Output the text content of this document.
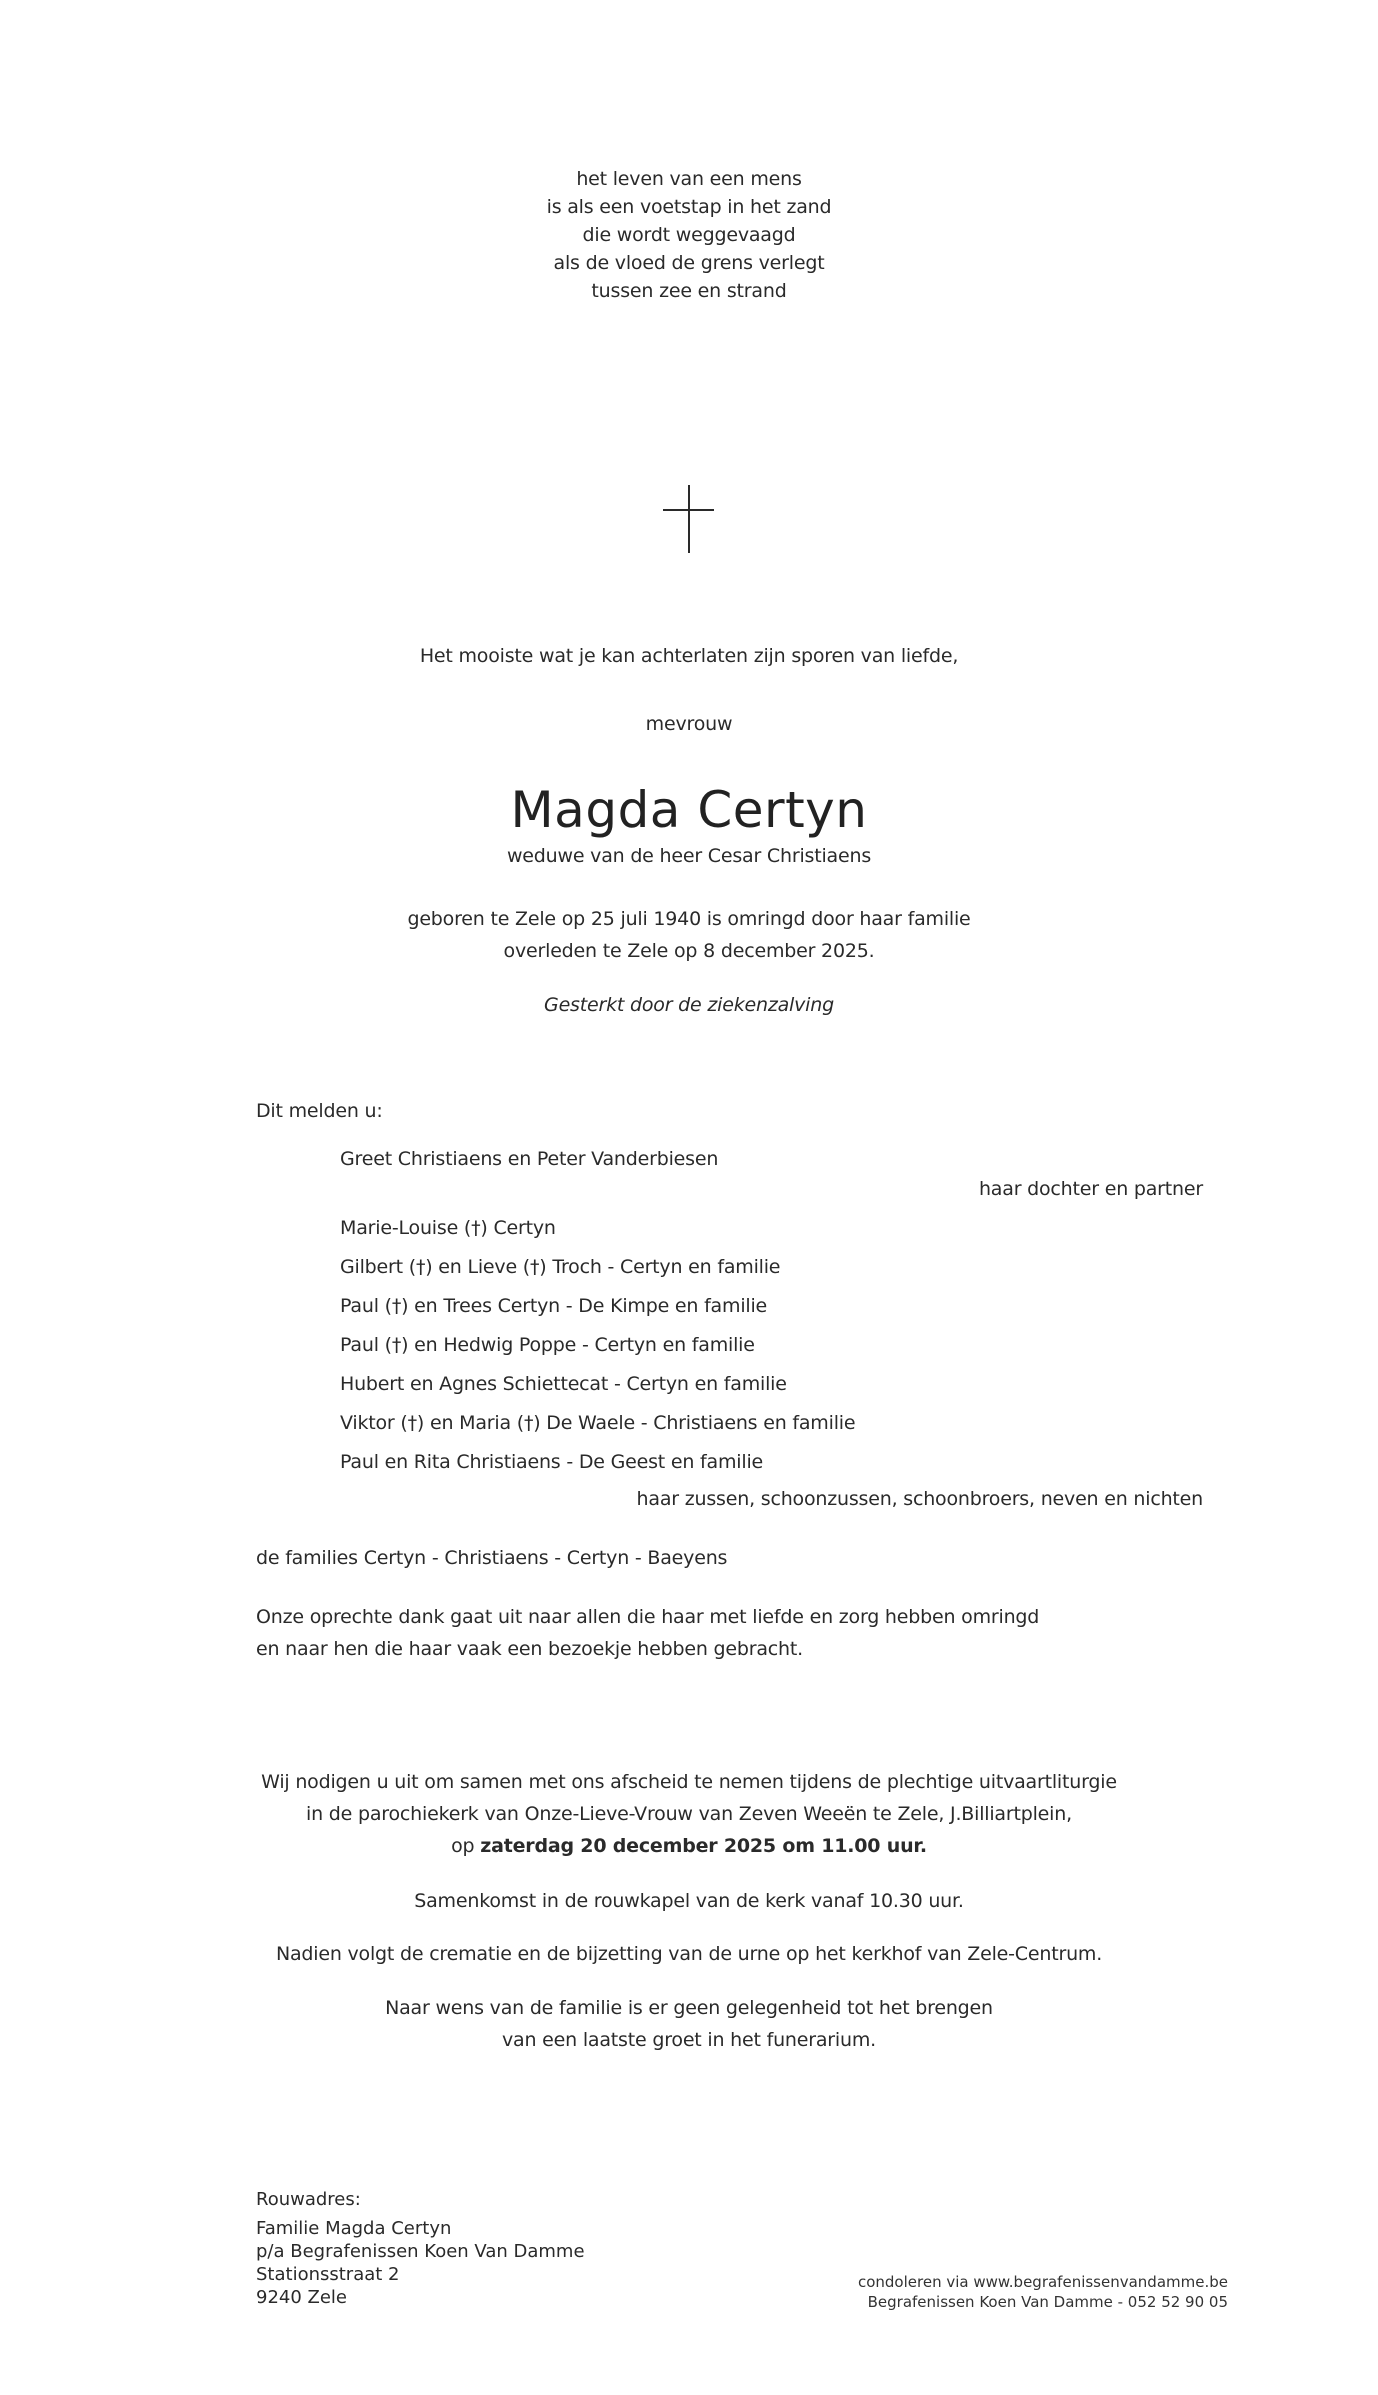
het leven van een mens
is als een voetstap in het zand
die wordt weggevaagd
als de vloed de grens verlegt
tussen zee en strand
Het mooiste wat je kan achterlaten zijn sporen van liefde,
mevrouw
Magda Certyn
weduwe van de heer Cesar Christiaens
geboren te Zele op 25 juli 1940 is omringd door haar familie
overleden te Zele op 8 december 2025.
Gesterkt door de ziekenzalving
Dit melden u:
Greet Christiaens en Peter Vanderbiesen
haar dochter en partner
Marie-Louise (†) Certyn
Gilbert (†) en Lieve (†) Troch - Certyn en familie
Paul (†) en Trees Certyn - De Kimpe en familie
Paul (†) en Hedwig Poppe - Certyn en familie
Hubert en Agnes Schiettecat - Certyn en familie
Viktor (†) en Maria (†) De Waele - Christiaens en familie
Paul en Rita Christiaens - De Geest en familie
haar zussen, schoonzussen, schoonbroers, neven en nichten
de families Certyn - Christiaens - Certyn - Baeyens
Onze oprechte dank gaat uit naar allen die haar met liefde en zorg hebben omringd
en naar hen die haar vaak een bezoekje hebben gebracht.
Wij nodigen u uit om samen met ons afscheid te nemen tijdens de plechtige uitvaartliturgie
in de parochiekerk van Onze-Lieve-Vrouw van Zeven Weeën te Zele, J.Billiartplein,
op zaterdag 20 december 2025 om 11.00 uur.
Samenkomst in de rouwkapel van de kerk vanaf 10.30 uur.
Nadien volgt de crematie en de bijzetting van de urne op het kerkhof van Zele-Centrum.
Naar wens van de familie is er geen gelegenheid tot het brengen
van een laatste groet in het funerarium.
Rouwadres:
Familie Magda Certyn
p/a Begrafenissen Koen Van Damme
Stationsstraat 2
9240 Zele
condoleren via www.begrafenissenvandamme.be
Begrafenissen Koen Van Damme - 052 52 90 05
